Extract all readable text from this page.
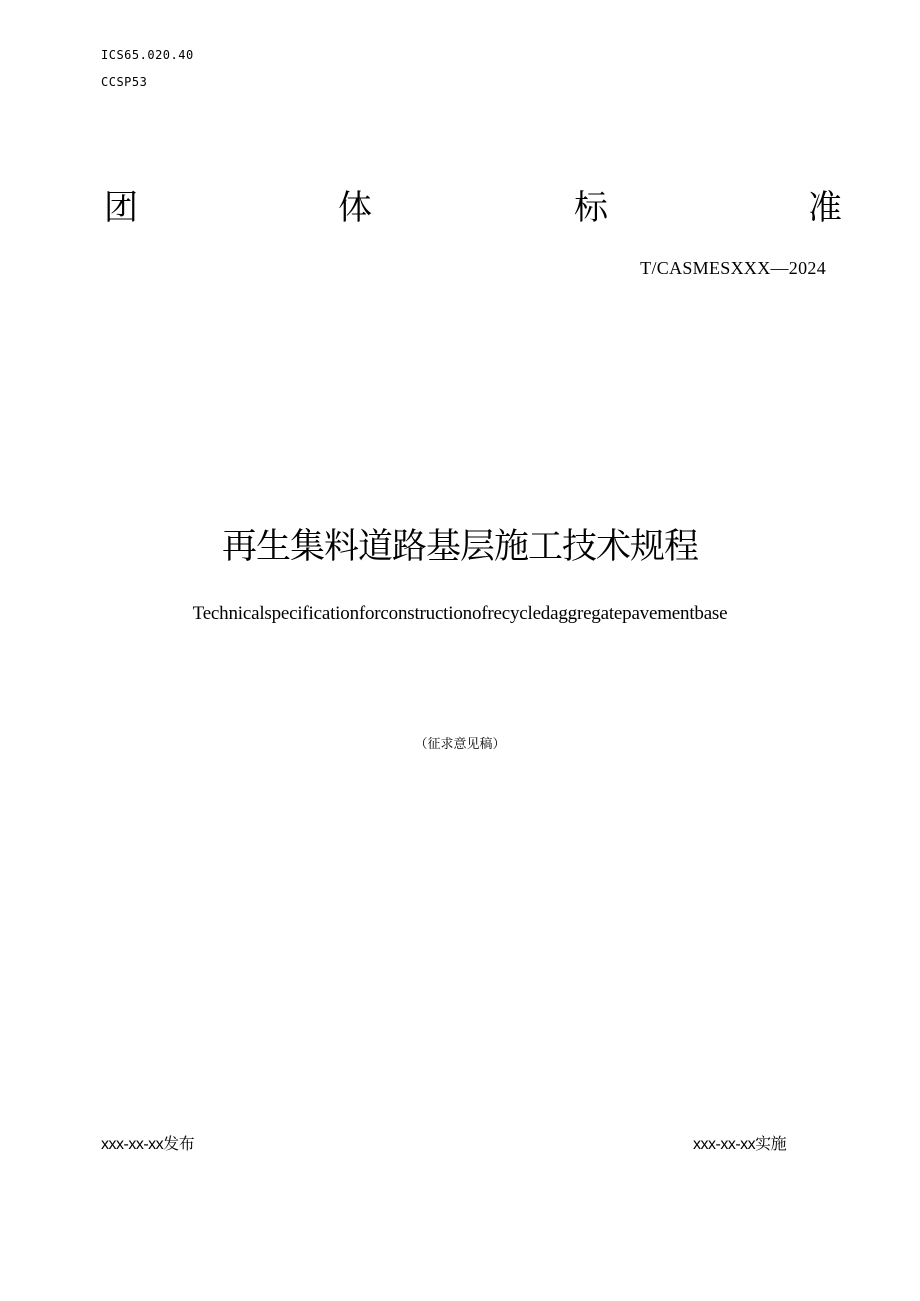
ICS65.020.40
CCSP53
团	体	标	准
T/CASMESXXX—2024
再生集料道路基层施工技术规程
Technicalspecificationforconstructionofrecycledaggregatepavementbase
（征求意见稿）
xxx-xx-xx发布	xxx-xx-xx实施
